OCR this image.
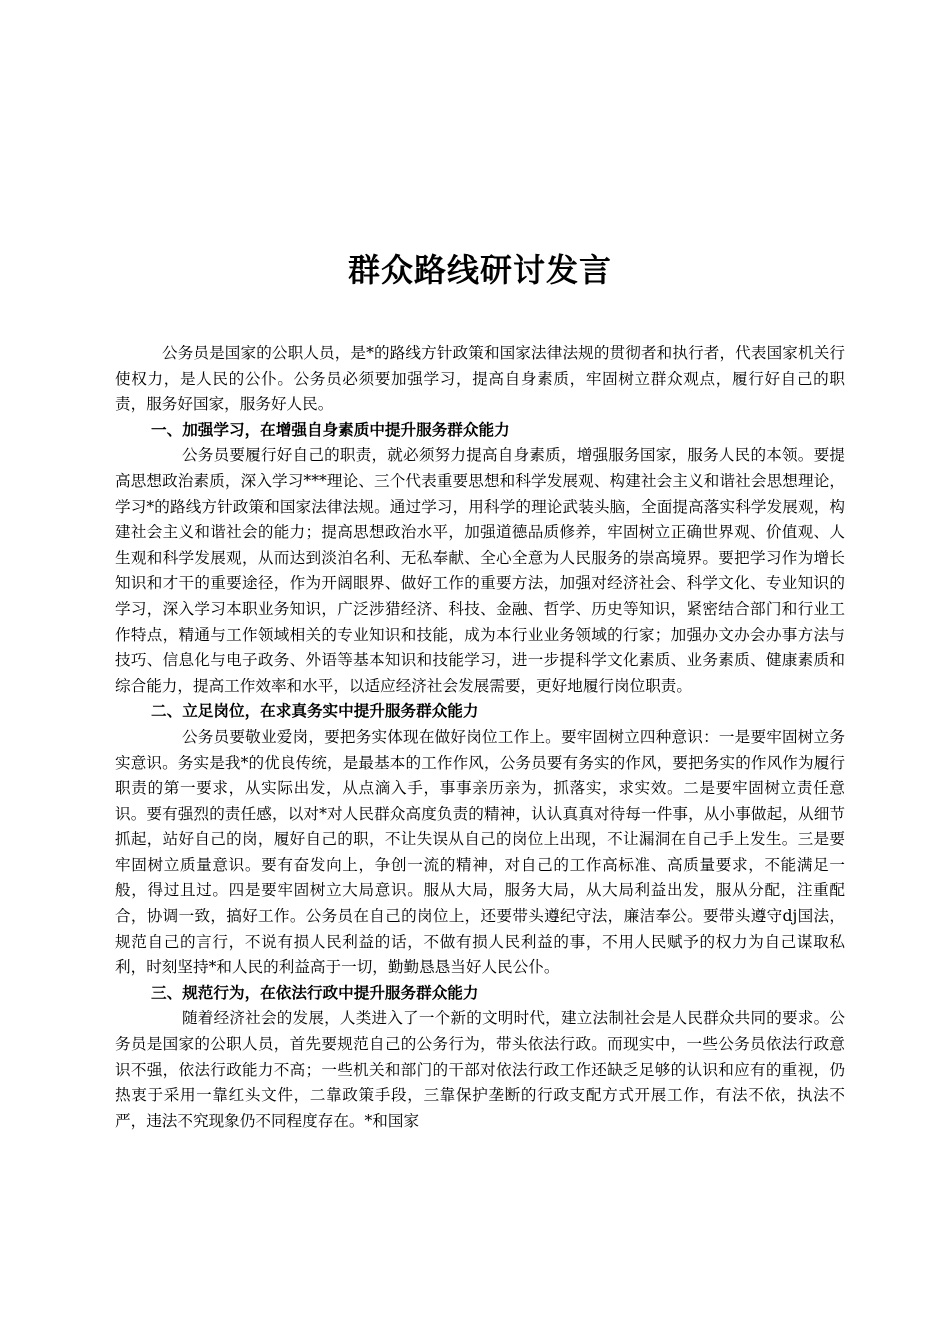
群众路线研讨发言

公务员是国家的公职人员，是*的路线方针政策和国家法律法规的贯彻者和执行者，代表国家机关行使权力，是人民的公仆。公务员必须要加强学习，提高自身素质，牢固树立群众观点，履行好自己的职责，服务好国家，服务好人民。

一、加强学习，在增强自身素质中提升服务群众能力

公务员要履行好自己的职责，就必须努力提高自身素质，增强服务国家，服务人民的本领。要提高思想政治素质，深入学习***理论、三个代表重要思想和科学发展观、构建社会主义和谐社会思想理论，学习*的路线方针政策和国家法律法规。通过学习，用科学的理论武装头脑，全面提高落实科学发展观，构建社会主义和谐社会的能力；提高思想政治水平，加强道德品质修养，牢固树立正确世界观、价值观、人生观和科学发展观，从而达到淡泊名利、无私奉献、全心全意为人民服务的崇高境界。要把学习作为增长知识和才干的重要途径，作为开阔眼界、做好工作的重要方法，加强对经济社会、科学文化、专业知识的学习，深入学习本职业务知识，广泛涉猎经济、科技、金融、哲学、历史等知识，紧密结合部门和行业工作特点，精通与工作领域相关的专业知识和技能，成为本行业业务领域的行家；加强办文办会办事方法与技巧、信息化与电子政务、外语等基本知识和技能学习，进一步提科学文化素质、业务素质、健康素质和综合能力，提高工作效率和水平，以适应经济社会发展需要，更好地履行岗位职责。

二、立足岗位，在求真务实中提升服务群众能力

公务员要敬业爱岗，要把务实体现在做好岗位工作上。要牢固树立四种意识：一是要牢固树立务实意识。务实是我*的优良传统，是最基本的工作作风，公务员要有务实的作风，要把务实的作风作为履行职责的第一要求，从实际出发，从点滴入手，事事亲历亲为，抓落实，求实效。二是要牢固树立责任意识。要有强烈的责任感，以对*对人民群众高度负责的精神，认认真真对待每一件事，从小事做起，从细节抓起，站好自己的岗，履好自己的职，不让失误从自己的岗位上出现，不让漏洞在自己手上发生。三是要牢固树立质量意识。要有奋发向上，争创一流的精神，对自己的工作高标准、高质量要求，不能满足一般，得过且过。四是要牢固树立大局意识。服从大局，服务大局，从大局利益出发，服从分配，注重配合，协调一致，搞好工作。公务员在自己的岗位上，还要带头遵纪守法，廉洁奉公。要带头遵守dj国法，规范自己的言行，不说有损人民利益的话，不做有损人民利益的事，不用人民赋予的权力为自己谋取私利，时刻坚持*和人民的利益高于一切，勤勤恳恳当好人民公仆。

三、规范行为，在依法行政中提升服务群众能力

随着经济社会的发展，人类进入了一个新的文明时代，建立法制社会是人民群众共同的要求。公务员是国家的公职人员，首先要规范自己的公务行为，带头依法行政。而现实中，一些公务员依法行政意识不强，依法行政能力不高；一些机关和部门的干部对依法行政工作还缺乏足够的认识和应有的重视，仍热衷于采用一靠红头文件，二靠政策手段，三靠保护垄断的行政支配方式开展工作，有法不依，执法不严，违法不究现象仍不同程度存在。*和国家
